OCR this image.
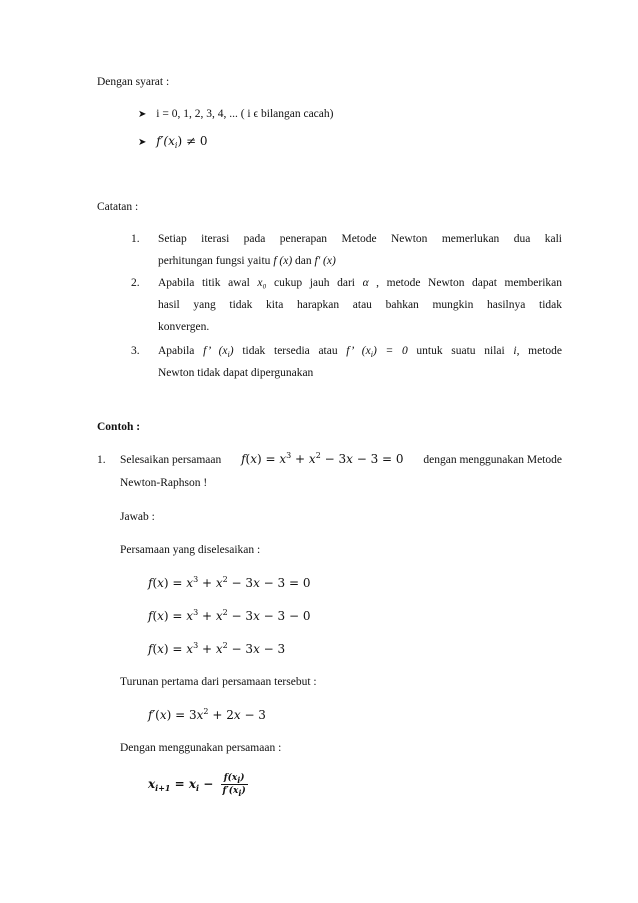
Dengan syarat :
➤ i = 0, 1, 2, 3, 4, ... ( i ϵ bilangan cacah)
➤ $f'(x_i) \ne 0$
Catatan :
1. Setiap iterasi pada penerapan Metode Newton memerlukan dua kali
perhitungan fungsi yaitu f (x) dan f' (x)
2. Apabila titik awal x₀ cukup jauh dari α , metode Newton dapat memberikan
hasil yang tidak kita harapkan atau bahkan mungkin hasilnya tidak
konvergen.
3. Apabila f’ $(x_i)$ tidak tersedia atau f’ $(x_i) = 0$ untuk suatu nilai i, metode
Newton tidak dapat dipergunakan
Contoh :
1. Selesaikan persamaan $f(x) = x^3 + x^2 - 3x - 3 = 0$ dengan menggunakan Metode
Newton-Raphson !
Jawab :
Persamaan yang diselesaikan :
$f(x) = x^3 + x^2 - 3x - 3 = 0$
$f(x) = x^3 + x^2 - 3x - 3 - 0$
$f(x) = x^3 + x^2 - 3x - 3$
Turunan pertama dari persamaan tersebut :
$f'(x) = 3x^2 + 2x - 3$
Dengan menggunakan persamaan :
$x_{i+1} = x_i - \frac{f(x_i)}{f'(x_i)}$
